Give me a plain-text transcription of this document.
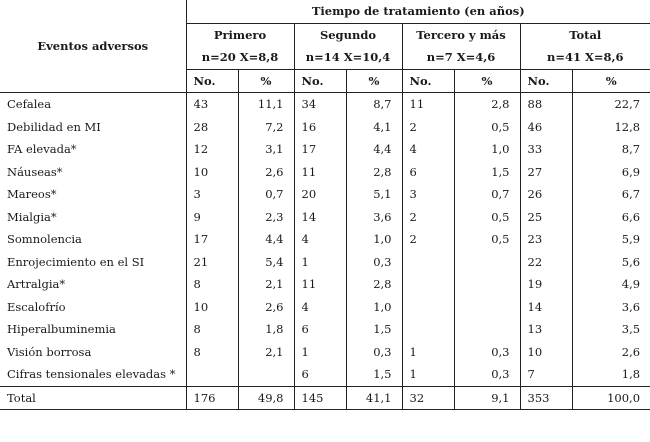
Eventos adversos	Tiempo de tratamiento (en años)							
	Primero		Segundo		Tercero y más		Total	
	n=20 X=8,8		n=14 X=10,4		n=7 X=4,6		n=41 X=8,6	
	No.	%	No.	%	No.	%	No.	%
Cefalea	43	11,1	34	8,7	11	2,8	88	22,7
Debilidad en MI	28	7,2	16	4,1	2	0,5	46	12,8
FA elevada*	12	3,1	17	4,4	4	1,0	33	8,7
Náuseas*	10	2,6	11	2,8	6	1,5	27	6,9
Mareos*	3	0,7	20	5,1	3	0,7	26	6,7
Mialgia*	9	2,3	14	3,6	2	0,5	25	6,6
Somnolencia	17	4,4	4	1,0	2	0,5	23	5,9
Enrojecimiento en el SI	21	5,4	1	0,3			22	5,6
Artralgia*	8	2,1	11	2,8			19	4,9
Escalofrío	10	2,6	4	1,0			14	3,6
Hiperalbuminemia	8	1,8	6	1,5			13	3,5
Visión borrosa	8	2,1	1	0,3	1	0,3	10	2,6
Cifras tensionales elevadas *			6	1,5	1	0,3	7	1,8
Total	176	49,8	145	41,1	32	9,1	353	100,0
